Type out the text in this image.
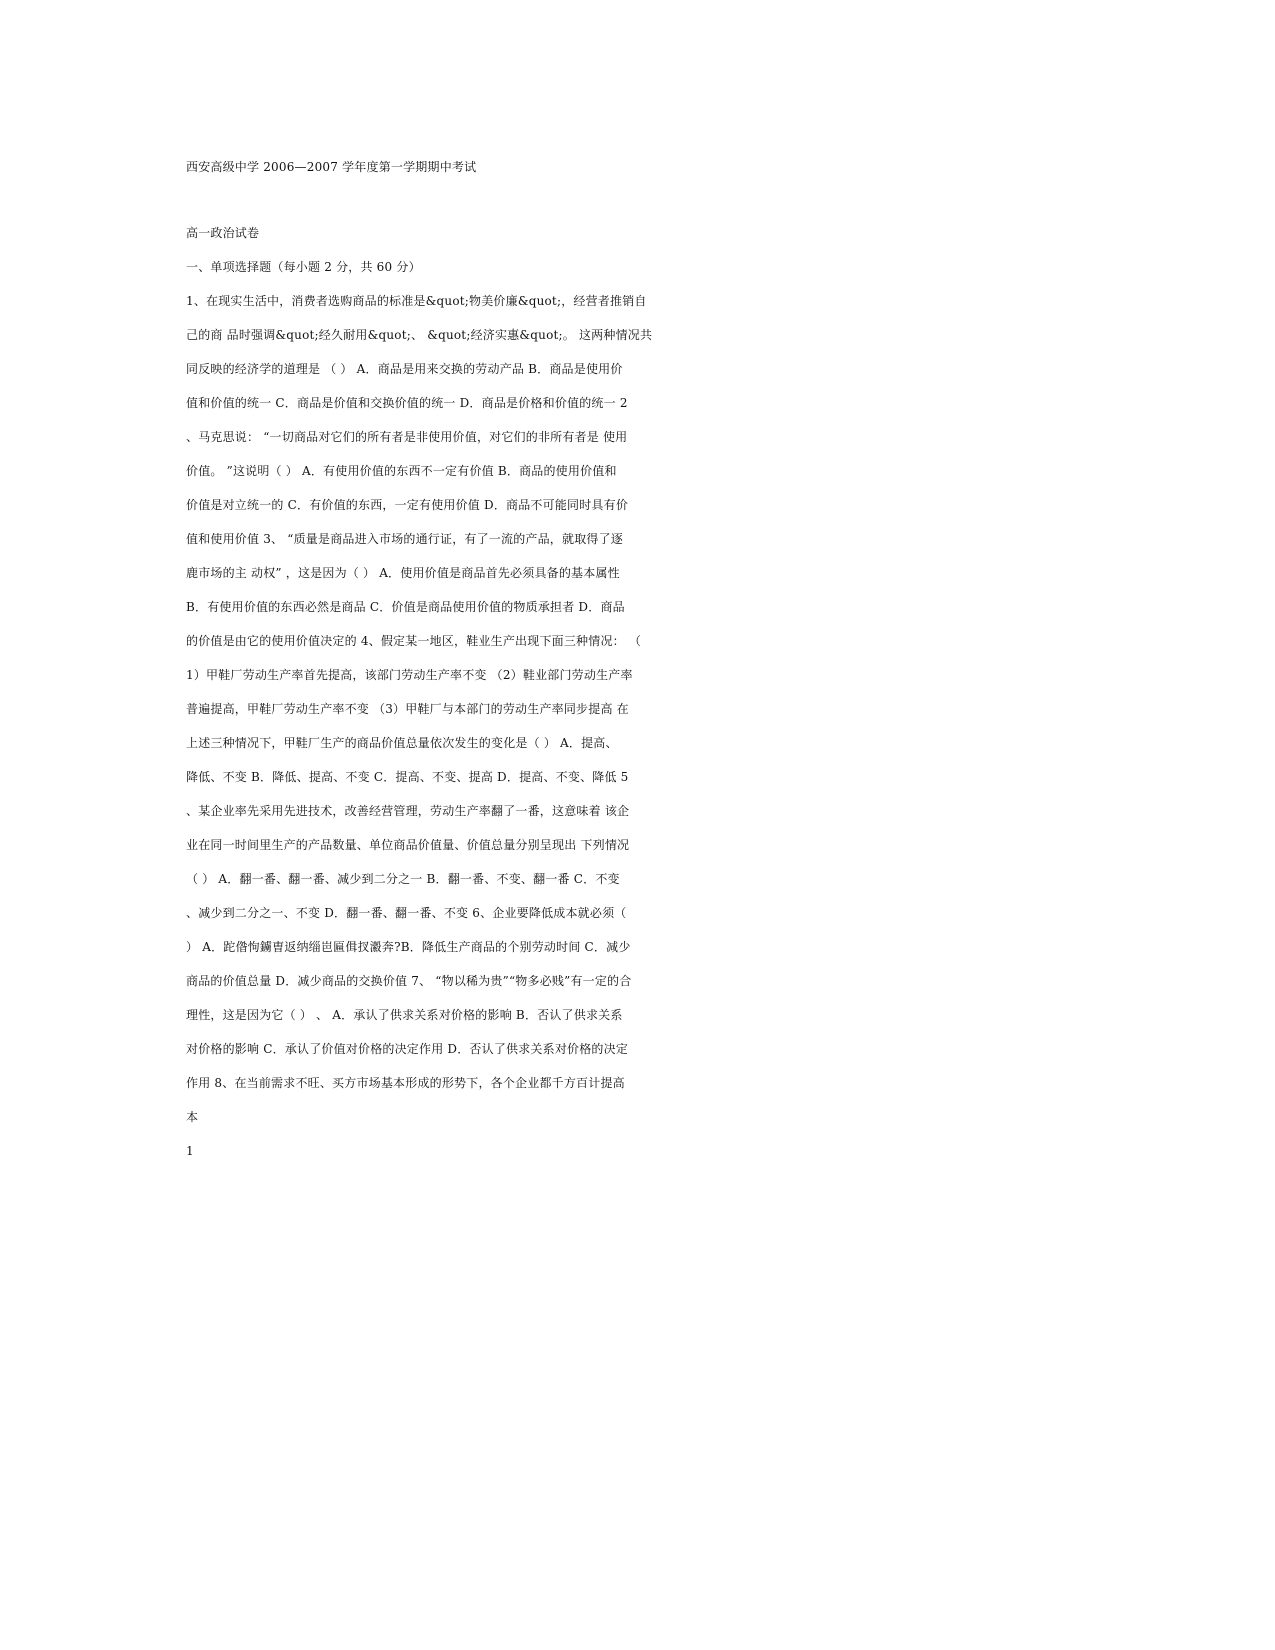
西安高级中学 2006—2007 学年度第一学期期中考试
高一政治试卷
一、单项选择题（每小题 2 分，共 60 分）
1、在现实生活中，消费者选购商品的标准是&quot;物美价廉&quot;，经营者推销自
己的商 品时强调&quot;经久耐用&quot;、 &quot;经济实惠&quot;。 这两种情况共
同反映的经济学的道理是 （ ） A．商品是用来交换的劳动产品 B．商品是使用价
值和价值的统一 C．商品是价值和交换价值的统一 D．商品是价格和价值的统一 2
、马克思说： “一切商品对它们的所有者是非使用价值，对它们的非所有者是 使用
价值。 ”这说明（ ） A．有使用价值的东西不一定有价值 B．商品的使用价值和
价值是对立统一的 C．有价值的东西，一定有使用价值 D．商品不可能同时具有价
值和使用价值 3、 “质量是商品进入市场的通行证，有了一流的产品，就取得了逐
鹿市场的主 动权” ，这是因为（ ） A．使用价值是商品首先必须具备的基本属性
B．有使用价值的东西必然是商品 C．价值是商品使用价值的物质承担者 D．商品
的价值是由它的使用价值决定的 4、假定某一地区，鞋业生产出现下面三种情况： （
1）甲鞋厂劳动生产率首先提高，该部门劳动生产率不变 （2）鞋业部门劳动生产率
普遍提高，甲鞋厂劳动生产率不变 （3）甲鞋厂与本部门的劳动生产率同步提高 在
上述三种情况下，甲鞋厂生产的商品价值总量依次发生的变化是（ ） A．提高、
降低、不变 B．降低、提高、不变 C．提高、不变、提高 D．提高、不变、降低 5
、某企业率先采用先进技术，改善经营管理，劳动生产率翻了一番，这意味着 该企
业在同一时间里生产的产品数量、单位商品价值量、价值总量分别呈现出 下列情况
（ ） A．翻一番、翻一番、减少到二分之一 B．翻一番、不变、翻一番 C．不变
、减少到二分之一、不变 D．翻一番、翻一番、不变 6、企业要降低成本就必须（
） A．跎偺怐鐪曺返纳缁岜匾偮扠瀫奔?B．降低生产商品的个别劳动时间 C．减少
商品的价值总量 D．减少商品的交换价值 7、 “物以稀为贵”“物多必贱”有一定的合
理性，这是因为它（ ） 、 A．承认了供求关系对价格的影响 B．否认了供求关系
对价格的影响 C．承认了价值对价格的决定作用 D．否认了供求关系对价格的决定
作用 8、在当前需求不旺、买方市场基本形成的形势下，各个企业都千方百计提高
本
1
